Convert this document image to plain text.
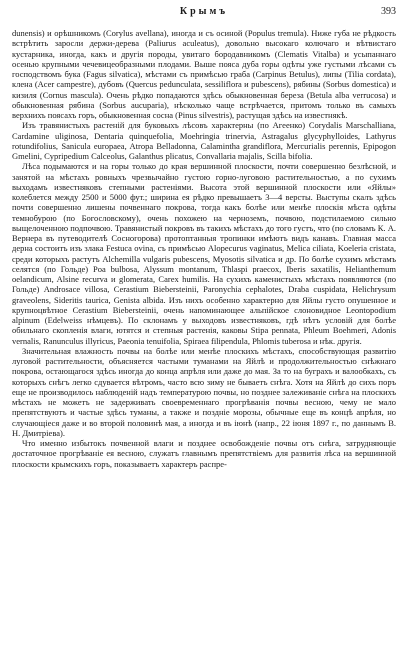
Крымъ	393

dunensis) и орѣшникомъ (Corylus avellana), иногда и съ осиной (Populus tremula). Ниже губа не рѣдкость встрѣтить заросли держи-дерева (Paliurus aculeatus), довольно высокаго колючаго и вѣтвистаго кустарника, иногда, какъ и другія породы, увитаго бородавникомъ (Clematis Vitalba) и усыпаннаго осенью крупными чечевицеобразными плодами. Выше пояса дуба горы одѣты уже густыми лѣсами съ господствомъ бука (Fagus silvatica), мѣстами съ примѣсью граба (Carpinus Betulus), липы (Tilia cordata), клена (Acer campestre), дубовъ (Quercus pedunculata, sessiliflora и pubescens), рябины (Sorbus domestica) и кизиля (Cornus mascula). Очень рѣдко попадаются здѣсь обыкновенная береза (Betula alba verrucosa) и обыкновенная рябина (Sorbus aucuparia), нѣсколько чаще встрѣчается, притомъ только въ самыхъ верхнихъ поясахъ горъ, обыкновенная сосна (Pinus silvestris), растущая здѣсь на известнякѣ.

Изъ травянистыхъ растеній для буковыхъ лѣсовъ характерны (по Агеенко) Corydalis Marschalliana, Cardamine uliginosa, Dentaria quinquefolia, Moehringia trinervia, Astragalus glycyphylloides, Lathyrus rotundifolius, Sanicula europaea, Atropa Belladonna, Calamintha grandiflora, Mercurialis perennis, Epipogon Gmelini, Cypripedium Calceolus, Galanthus plicatus, Convallaria majalis, Scilla bifolia.

Лѣса подымаются и на горы только до края вершинной плоскости, почти совершенно безлѣсной, и занятой на мѣстахъ ровныхъ чрезвычайно густою горно-луговою растительностью, а по сухимъ выходамъ известняковъ степными растеніями. Высота этой вершинной плоскости или «Яйлы» колеблется между 2500 и 5000 фут.; ширина ея рѣдко превышаетъ 3—4 версты. Выступы скалъ здѣсь почти совершенно лишены почвеннаго покрова, тогда какъ болѣе или менѣе плоскія мѣста одѣты темнобурою (по Богословскому), очень похожею на черноземъ, почвою, подстилаемою сильно выщелоченною подпочвою. Травянистый покровъ въ такихъ мѣстахъ до того густъ, что (по словамъ К. А. Вернера въ путеводителѣ Сосногорова) протоптанныя тропинки имѣютъ видъ канавъ. Главная масса дерна состоитъ изъ злака Festuca ovina, съ примѣсью Alopecurus vaginatus, Melica ciliata, Koeleria cristata, среди которыхъ растутъ Alchemilla vulgaris pubescens, Myosotis silvatica и др. По болѣе сухимъ мѣстамъ селятся (по Гольде) Poa bulbosa, Alyssum montanum, Thlaspi praecox, Iberis saxatilis, Helianthemum oelandicum, Alsine recurva и glomerata, Carex humilis. На сухихъ каменистыхъ мѣстахъ появляются (по Гольде) Androsace villosa, Cerastium Biebersteinii, Paronychia cephalotes, Draba cuspidata, Helichrysum graveolens, Sideritis taurica, Genista albida. Изъ нихъ особенно характерно для Яйлы густо опушенное и крупноцвѣтное Cerastium Biebersteinii, очень напоминающее альпійское слоновидное Leontopodium alpinum (Edelweiss нѣмцевъ). По склонамъ у выходовъ известняковъ, гдѣ нѣтъ условій для болѣе обильнаго скопленія влаги, ютятся и степныя растенія, каковы Stipa pennata, Phleum Boehmeri, Adonis vernalis, Ranunculus illyricus, Paeonia tenuifolia, Spiraea filipendula, Phlomis tuberosa и нѣк. другія.

Значительная влажность почвы на болѣе или менѣе плоскихъ мѣстахъ, способствующая развитію луговой растительности, объясняется частыми туманами на Яйлѣ и продолжительностью снѣжнаго покрова, остающагося здѣсь иногда до конца апрѣля или даже до мая. За то на буграхъ и валообкахъ, съ которыхъ снѣгъ легко сдувается вѣтромъ, часто всю зиму не бываетъ снѣга. Хотя на Яйлѣ до сихъ поръ еще не производилось наблюденій надъ температурою почвы, но позднее залеживаніе снѣга на плоскихъ мѣстахъ не можетъ не задерживать своевременнаго прогрѣванія почвы весною, чему не мало препятствуютъ и частые здѣсь туманы, а также и поздніе морозы, обычные еще въ концѣ апрѣля, но случающіеся даже и во второй половинѣ мая, а иногда и въ іюнѣ (напр., 22 іюня 1897 г., по даннымъ В. Н. Дмитріева).

Что именно избытокъ почвенной влаги и позднее освобожденіе почвы отъ снѣга, затрудняющіе достаточное прогрѣваніе ея весною, служатъ главнымъ препятствіемъ для развитія лѣса на вершинной плоскости крымскихъ горъ, показываетъ характеръ распре-
